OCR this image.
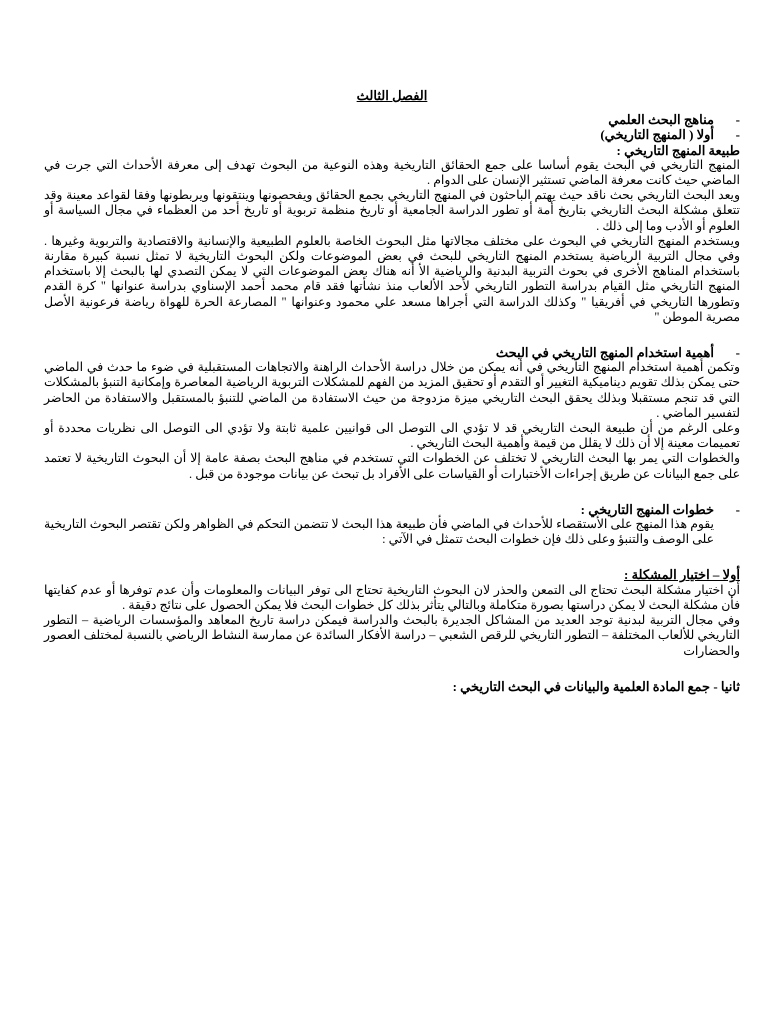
الفصل الثالث
-
مناهج البحث العلمي
-
أولا ( المنهج التاريخي)
طبيعة المنهج التاريخي :

المنهج التاريخي في البحث يقوم أساسا على جمع الحقائق التاريخية وهذه النوعية من البحوث تهدف إلى معرفة الأحداث التي جرت في الماضي حيث كانت معرفة الماضي تستثير الإنسان على الدوام .

ويعد البحث التاريخي بحث ناقد حيث يهتم الباحثون في المنهج التاريخي بجمع الحقائق ويفحصونها وينتقونها ويربطونها وفقا لقواعد معينة وقد تتعلق مشكلة البحث التاريخي بتاريخ أمة أو تطور الدراسة الجامعية أو تاريخ منظمة تربوية أو تاريخ أحد من العظماء في مجال السياسة أو العلوم أو الأدب وما إلى ذلك .

ويستخدم المنهج التاريخي في البحوث على مختلف مجالاتها مثل البحوث الخاصة بالعلوم الطبيعية والإنسانية والاقتصادية والتربوية وغيرها . وفي مجال التربية الرياضية يستخدم المنهج التاريخي للبحث في بعض الموضوعات ولكن البحوث التاريخية لا تمثل نسبة كبيرة مقارنة باستخدام المناهج الأخرى في بحوث التربية البدنية والرياضية الأ أنه هناك بعض الموضوعات التي لا يمكن التصدي لها بالبحث إلا باستخدام المنهج التاريخي مثل القيام بدراسة التطور التاريخي لأحد الألعاب منذ نشأتها فقد قام محمد أحمد الإسناوي بدراسة عنوانها " كرة القدم وتطورها التاريخي في أفريقيا " وكذلك الدراسة التي أجراها مسعد علي محمود وعنوانها " المصارعة الحرة للهواة رياضة فرعونية الأصل مصرية الموطن "

-
أهمية استخدام المنهج التاريخي في البحث

وتكمن أهمية استخدام المنهج التاريخي في أنه يمكن من خلال دراسة الأحداث الراهنة والاتجاهات المستقبلية في ضوء ما حدث في الماضي حتى يمكن بذلك تقويم ديناميكية التغيير أو التقدم أو تحقيق المزيد من الفهم للمشكلات التربوية الرياضية المعاصرة وإمكانية التنبؤ بالمشكلات التي قد تنجم مستقبلا وبذلك يحقق البحث التاريخي ميزة مزدوجة من حيث الاستفادة من الماضي للتنبؤ بالمستقبل والاستفادة من الحاضر لتفسير الماضي .

وعلى الرغم من أن طبيعة البحث التاريخي قد لا تؤدي الى التوصل الى قوانيين علمية ثابتة ولا تؤدي الى التوصل الى نظريات محددة أو تعميمات معينة إلا أن ذلك لا يقلل من قيمة وأهمية البحث التاريخي .

والخطوات التي يمر بها البحث التاريخي لا تختلف عن الخطوات التي تستخدم في مناهج البحث بصفة عامة إلا أن البحوث التاريخية لا تعتمد على جمع البيانات عن طريق إجراءات الأختبارات أو القياسات على الأفراد بل تبحث عن بيانات موجودة من قبل .

-
خطوات المنهج التاريخي :

يقوم هذا المنهج على الأستقصاء للأحداث في الماضي فأن طبيعة هذا البحث لا تتضمن التحكم في الظواهر ولكن تقتصر البحوث التاريخية على الوصف والتنبؤ وعلى ذلك فإن خطوات البحث تتمثل في الآتي :

أولا – اختيار المشكلة :

أن اختيار مشكلة البحث تحتاج الى التمعن والحذر لان البحوث التاريخية تحتاج الى توفر البيانات والمعلومات وأن عدم توفرها أو عدم كفايتها فأن مشكلة البحث لا يمكن دراستها بصورة متكاملة وبالتالي يتأثر بذلك كل خطوات البحث فلا يمكن الحصول على نتائج دقيقة .

وفي مجال التربية لبدنية توجد العديد من المشاكل الجديرة بالبحث والدراسة فيمكن دراسة تاريخ المعاهد والمؤسسات الرياضية – التطور التاريخي للألعاب المختلفة – التطور التاريخي للرقص الشعبي – دراسة الأفكار السائدة عن ممارسة النشاط الرياضي بالنسبة لمختلف العصور والحضارات

ثانيا - جمع المادة العلمية والبيانات في البحث التاريخي :
